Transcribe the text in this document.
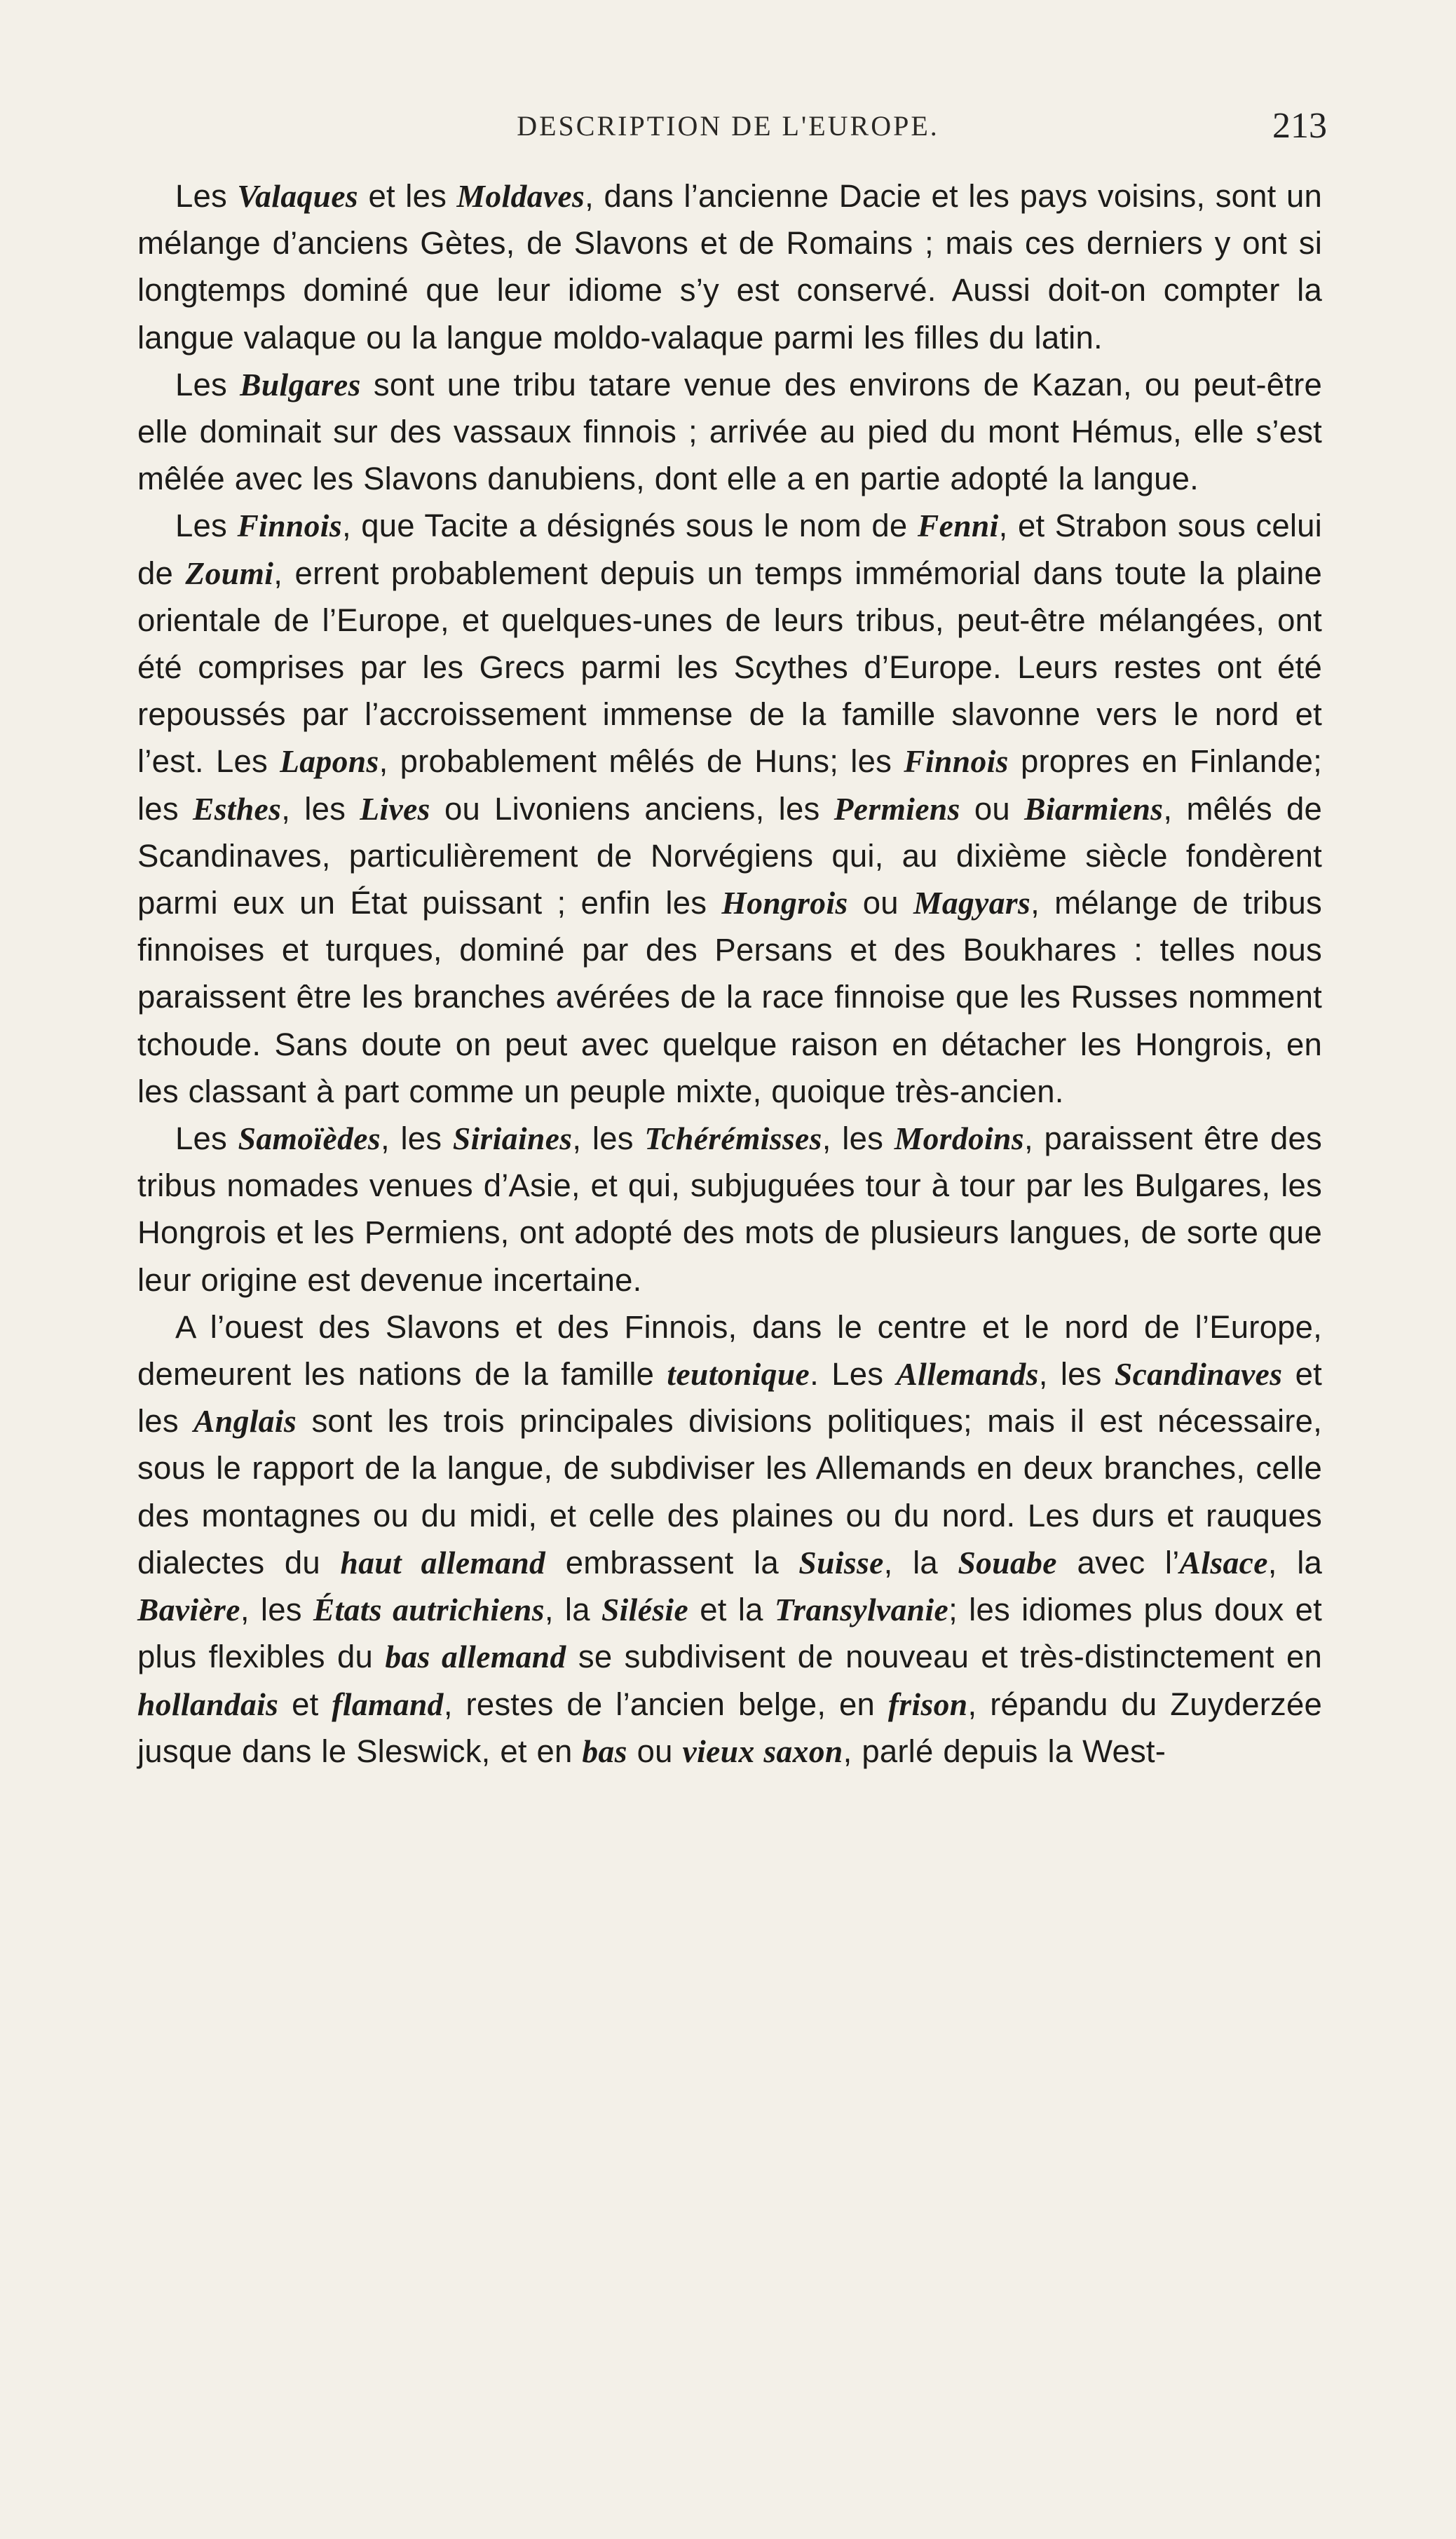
DESCRIPTION DE L'EUROPE.	213

Les Valaques et les Moldaves, dans l’ancienne Dacie et les pays voisins, sont un mélange d’anciens Gètes, de Slavons et de Romains ; mais ces derniers y ont si longtemps dominé que leur idiome s’y est conservé. Aussi doit-on compter la langue valaque ou la langue moldo-valaque parmi les filles du latin.

Les Bulgares sont une tribu tatare venue des environs de Kazan, ou peut-être elle dominait sur des vassaux finnois ; arrivée au pied du mont Hémus, elle s’est mêlée avec les Slavons danubiens, dont elle a en partie adopté la langue.

Les Finnois, que Tacite a désignés sous le nom de Fenni, et Strabon sous celui de Zoumi, errent probablement depuis un temps immémorial dans toute la plaine orientale de l’Europe, et quelques-unes de leurs tribus, peut-être mélangées, ont été comprises par les Grecs parmi les Scythes d’Europe. Leurs restes ont été repoussés par l’accroissement immense de la famille slavonne vers le nord et l’est. Les Lapons, probablement mêlés de Huns; les Finnois propres en Finlande; les Esthes, les Lives ou Livoniens anciens, les Permiens ou Biarmiens, mêlés de Scandinaves, particulièrement de Norvégiens qui, au dixième siècle fondèrent parmi eux un État puissant ; enfin les Hongrois ou Magyars, mélange de tribus finnoises et turques, dominé par des Persans et des Boukhares : telles nous paraissent être les branches avérées de la race finnoise que les Russes nomment tchoude. Sans doute on peut avec quelque raison en détacher les Hongrois, en les classant à part comme un peuple mixte, quoique très-ancien.

Les Samoïèdes, les Siriaines, les Tchérémisses, les Mordoins, paraissent être des tribus nomades venues d’Asie, et qui, subjuguées tour à tour par les Bulgares, les Hongrois et les Permiens, ont adopté des mots de plusieurs langues, de sorte que leur origine est devenue incertaine.

A l’ouest des Slavons et des Finnois, dans le centre et le nord de l’Europe, demeurent les nations de la famille teutonique. Les Allemands, les Scandinaves et les Anglais sont les trois principales divisions politiques; mais il est nécessaire, sous le rapport de la langue, de subdiviser les Allemands en deux branches, celle des montagnes ou du midi, et celle des plaines ou du nord. Les durs et rauques dialectes du haut allemand embrassent la Suisse, la Souabe avec l’Alsace, la Bavière, les États autrichiens, la Silésie et la Transylvanie; les idiomes plus doux et plus flexibles du bas allemand se subdivisent de nouveau et très-distinctement en hollandais et flamand, restes de l’ancien belge, en frison, répandu du Zuyderzée jusque dans le Sleswick, et en bas ou vieux saxon, parlé depuis la West-
